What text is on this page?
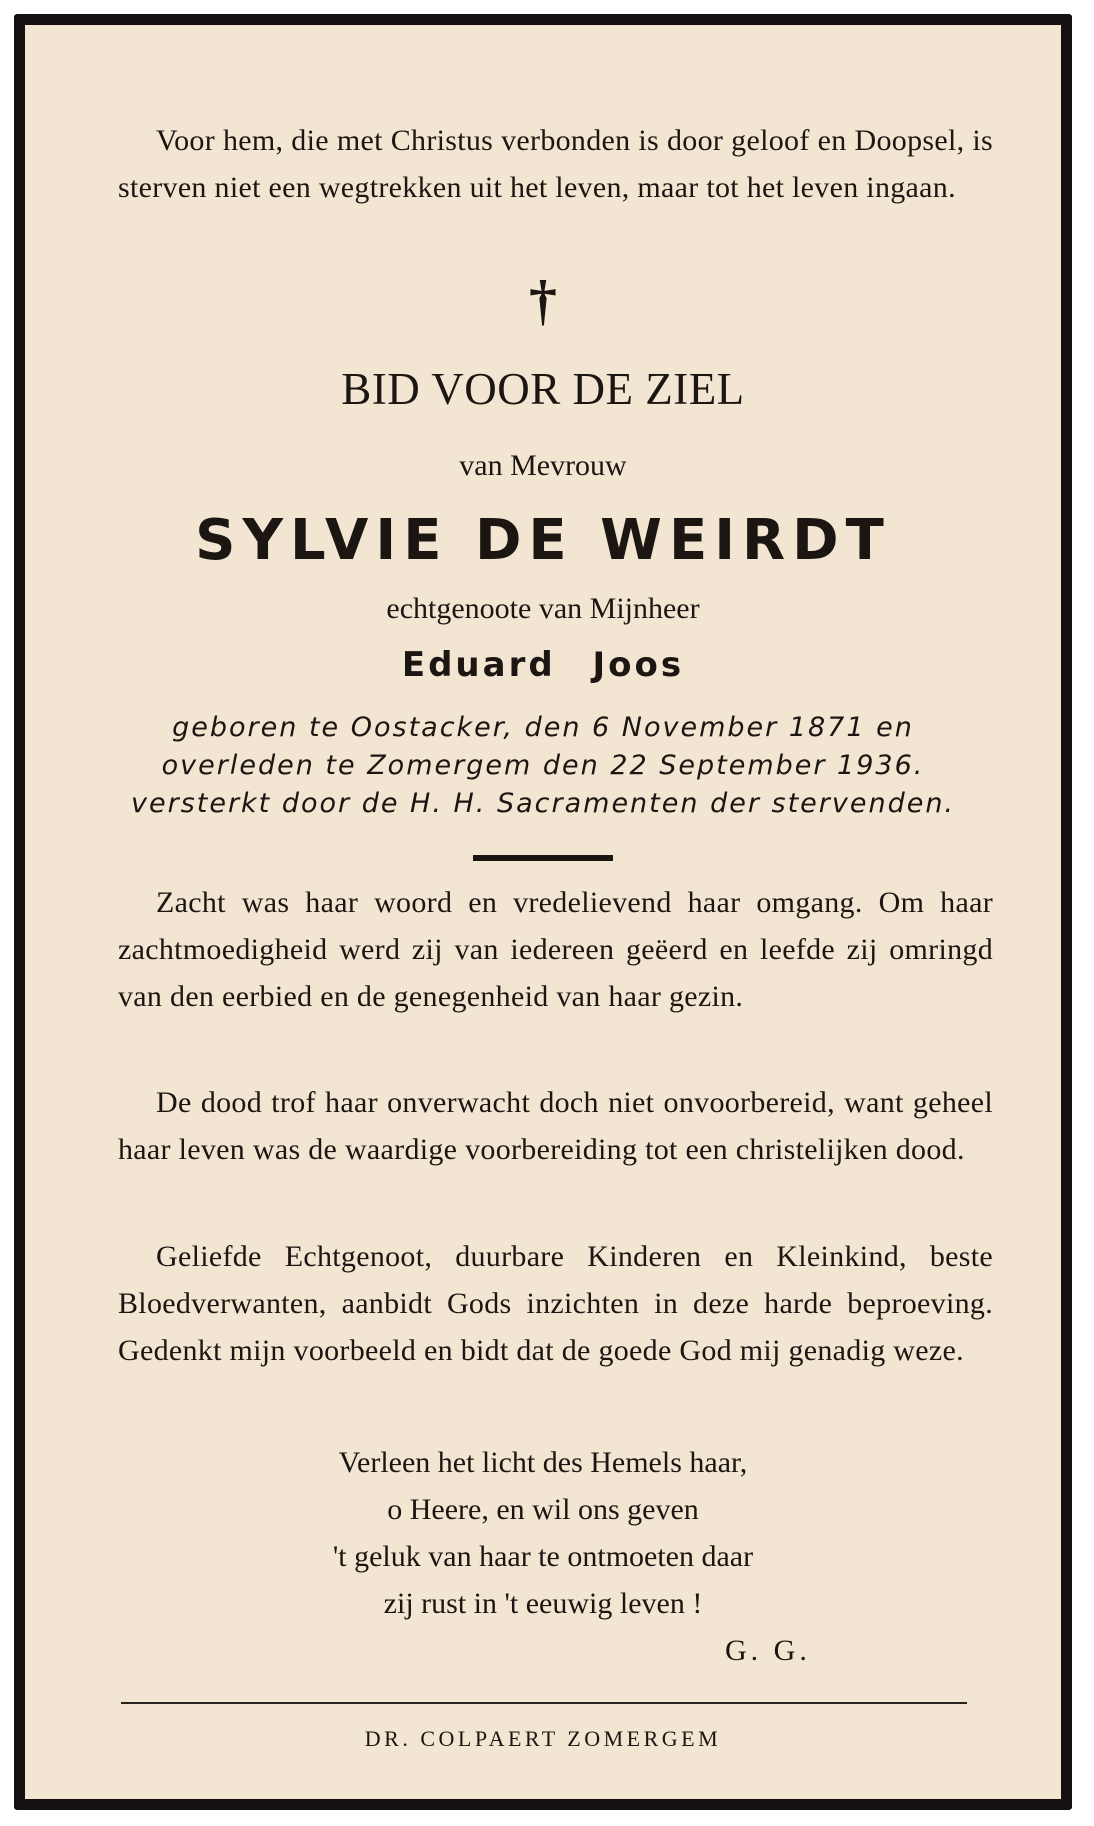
Voor hem, die met Christus verbonden is door geloof en Doopsel, is sterven niet een wegtrekken uit het leven, maar tot het leven ingaan.
†
BID VOOR DE ZIEL
van Mevrouw
SYLVIE DE WEIRDT
echtgenoote van Mijnheer
Eduard Joos
geboren te Oostacker, den 6 November 1871 en
overleden te Zomergem den 22 September 1936.
versterkt door de H. H. Sacramenten der stervenden.
Zacht was haar woord en vredelievend haar omgang. Om haar zachtmoedigheid werd zij van iedereen geëerd en leefde zij omringd van den eerbied en de genegenheid van haar gezin.
De dood trof haar onverwacht doch niet onvoorbereid, want geheel haar leven was de waardige voorbereiding tot een christelijken dood.
Geliefde Echtgenoot, duurbare Kinderen en Kleinkind, beste Bloedverwanten, aanbidt Gods inzichten in deze harde beproeving. Gedenkt mijn voorbeeld en bidt dat de goede God mij genadig weze.
Verleen het licht des Hemels haar,
o Heere, en wil ons geven
't geluk van haar te ontmoeten daar
zij rust in 't eeuwig leven !
G. G.
DR. COLPAERT ZOMERGEM
